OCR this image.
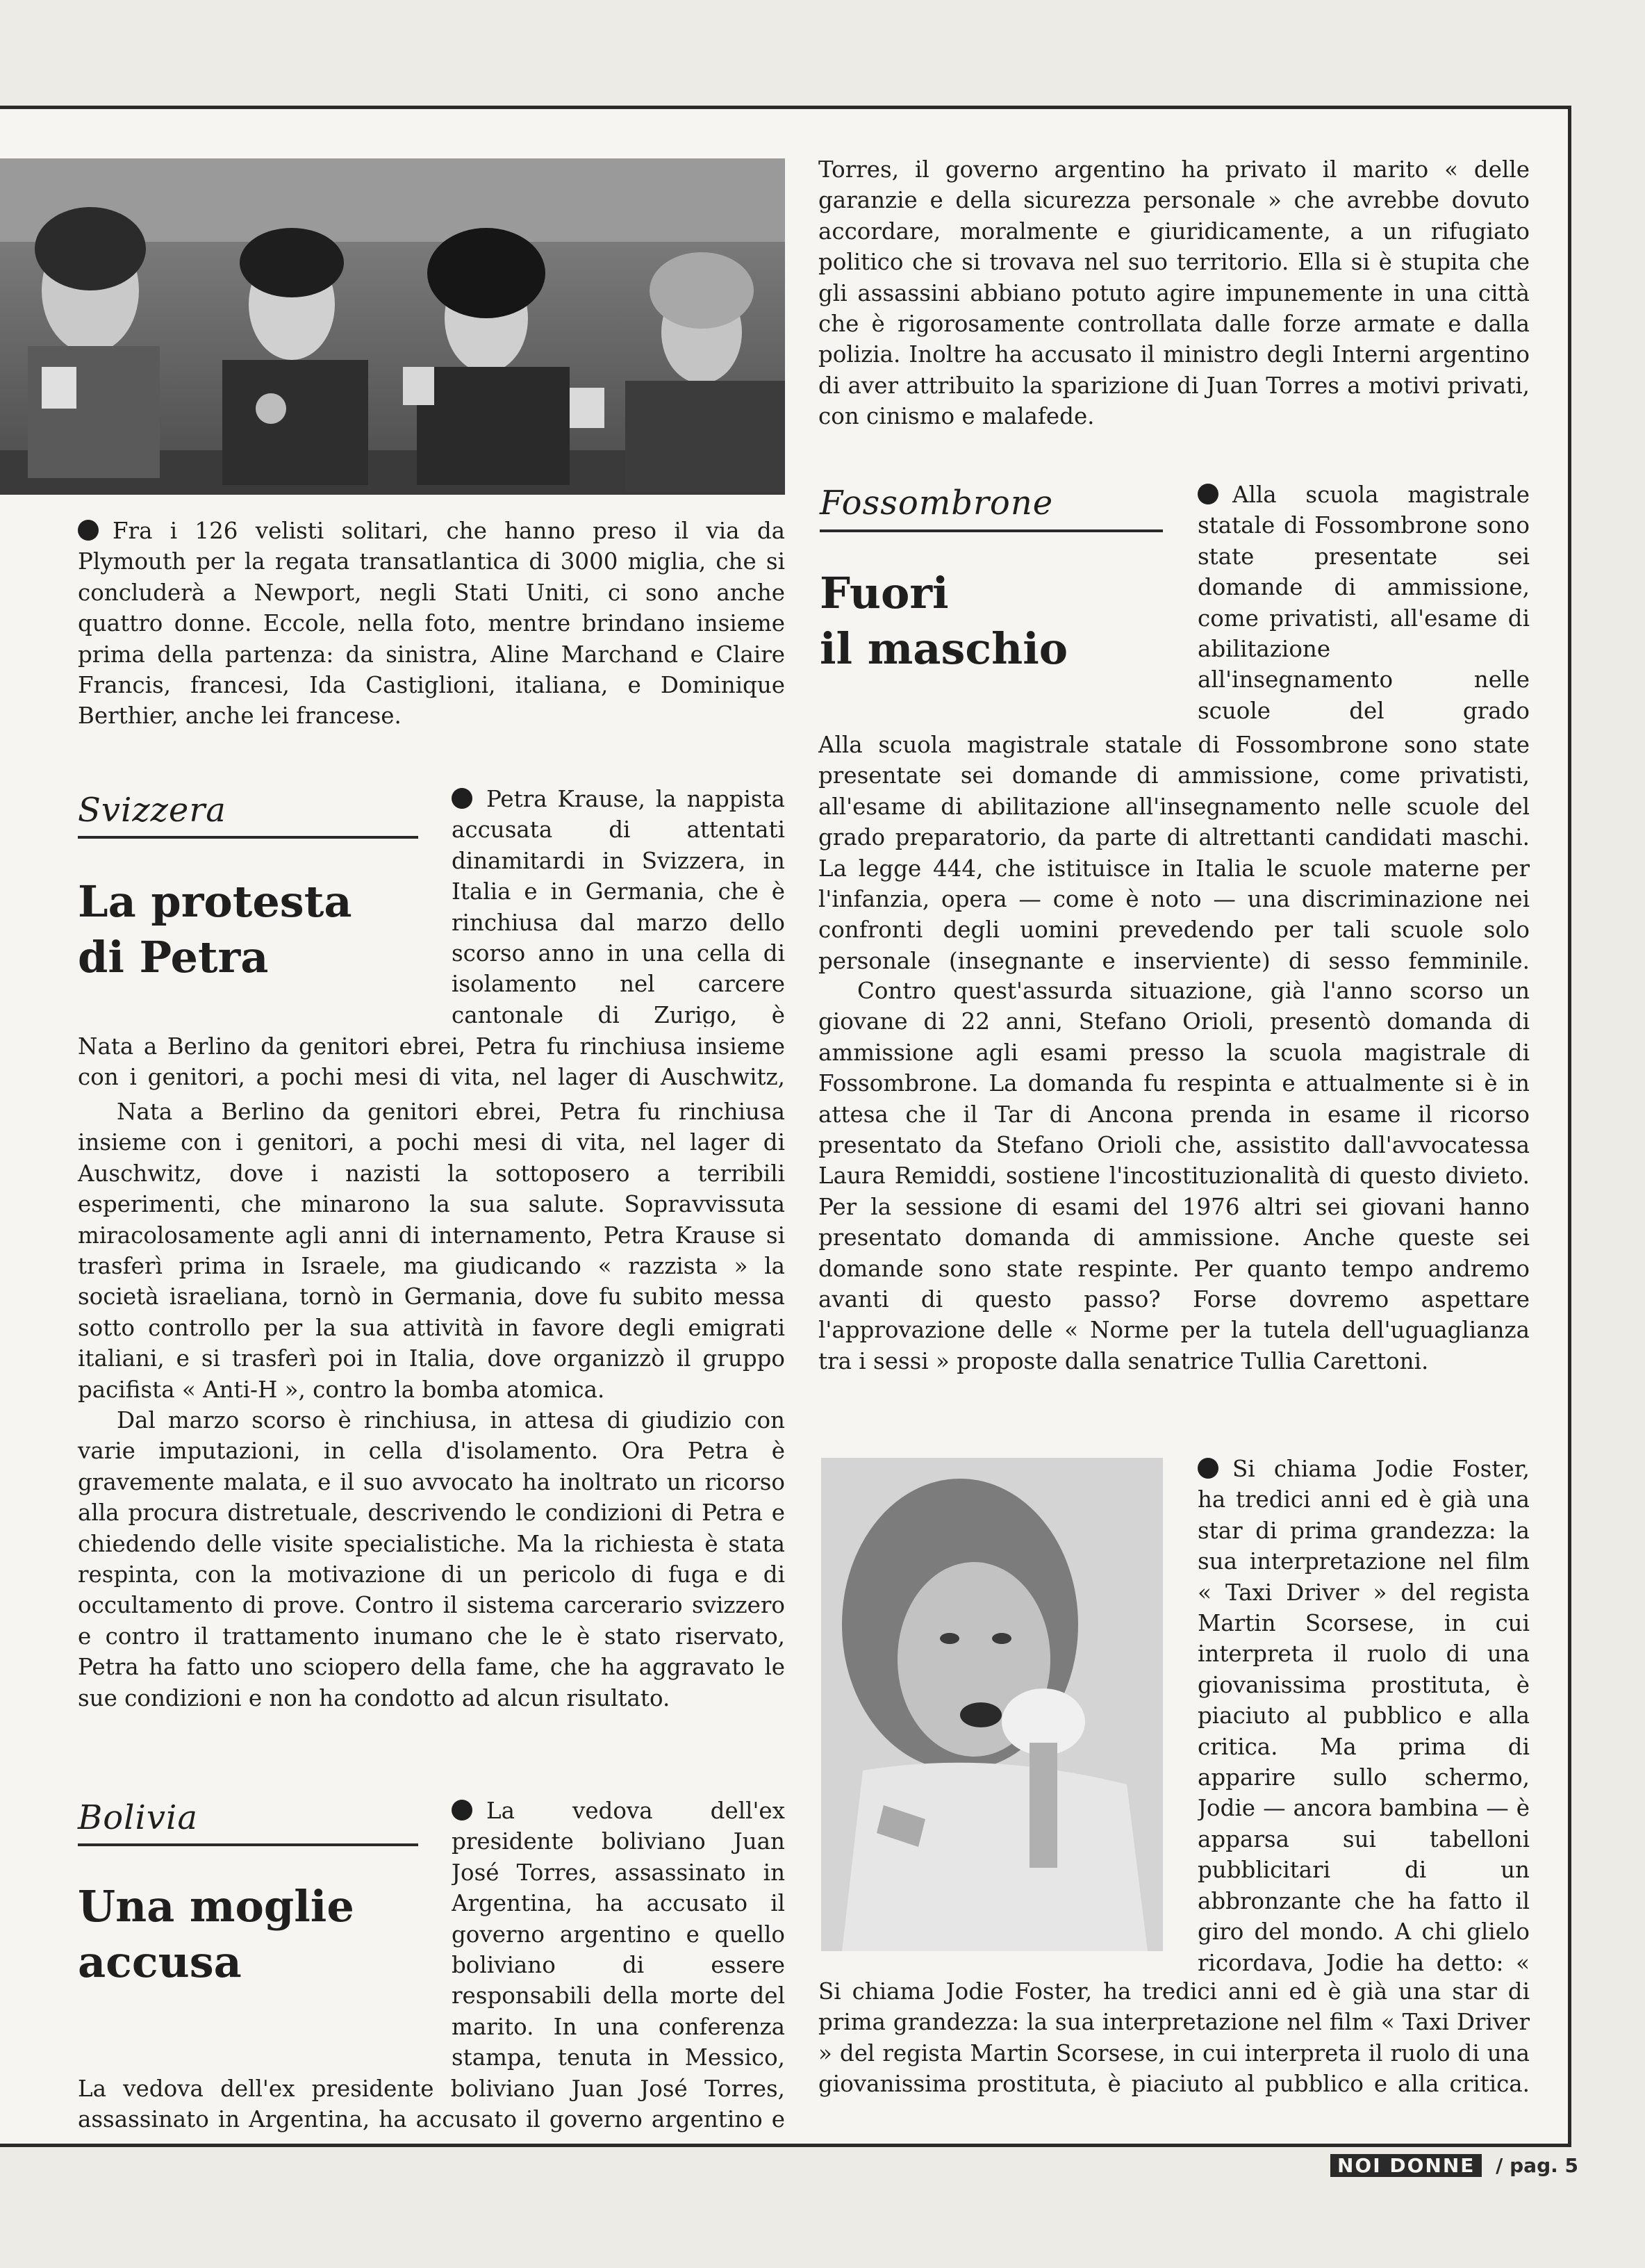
Fra i 126 velisti solitari, che hanno preso il via da Plymouth per la regata transatlantica di 3000 miglia, che si concluderà a Newport, negli Stati Uniti, ci sono anche quattro donne. Eccole, nella foto, mentre brindano insieme prima della partenza: da sinistra, Aline Marchand e Claire Francis, francesi, Ida Castiglioni, italiana, e Dominique Berthier, anche lei francese.

Svizzera
La protesta
di Petra

Petra Krause, la nappista accusata di attentati dinamitardi in Svizzera, in Italia e in Germania, che è rinchiusa dal marzo dello scorso anno in una cella di isolamento nel carcere cantonale di Zurigo, è

Nata a Berlino da genitori ebrei, Petra fu rinchiusa insieme con i genitori, a pochi mesi di vita, nel lager di Auschwitz,

Nata a Berlino da genitori ebrei, Petra fu rinchiusa insieme con i genitori, a pochi mesi di vita, nel lager di Auschwitz, dove i nazisti la sottoposero a terribili esperimenti, che minarono la sua salute. Sopravvissuta miracolosamente agli anni di internamento, Petra Krause si trasferì prima in Israele, ma giudicando « razzista » la società israeliana, tornò in Germania, dove fu subito messa sotto controllo per la sua attività in favore degli emigrati italiani, e si trasferì poi in Italia, dove organizzò il gruppo pacifista « Anti-H », contro la bomba atomica.

Dal marzo scorso è rinchiusa, in attesa di giudizio con varie imputazioni, in cella d'isolamento. Ora Petra è gravemente malata, e il suo avvocato ha inoltrato un ricorso alla procura distretuale, descrivendo le condizioni di Petra e chiedendo delle visite specialistiche. Ma la richiesta è stata respinta, con la motivazione di un pericolo di fuga e di occultamento di prove. Contro il sistema carcerario svizzero e contro il trattamento inumano che le è stato riservato, Petra ha fatto uno sciopero della fame, che ha aggravato le sue condizioni e non ha condotto ad alcun risultato.

Bolivia
Una moglie
accusa

La vedova dell'ex presidente boliviano Juan José Torres, assassinato in Argentina, ha accusato il governo argentino e quello boliviano di essere responsabili della morte del marito. In una conferenza stampa, tenuta in Messico,

La vedova dell'ex presidente boliviano Juan José Torres, assassinato in Argentina, ha accusato il governo argentino e

Torres, il governo argentino ha privato il marito « delle garanzie e della sicurezza personale » che avrebbe dovuto accordare, moralmente e giuridicamente, a un rifugiato politico che si trovava nel suo territorio. Ella si è stupita che gli assassini abbiano potuto agire impunemente in una città che è rigorosamente controllata dalle forze armate e dalla polizia. Inoltre ha accusato il ministro degli Interni argentino di aver attribuito la sparizione di Juan Torres a motivi privati, con cinismo e malafede.

Fossombrone
Fuori
il maschio

Alla scuola magistrale statale di Fossombrone sono state presentate sei domande di ammissione, come privatisti, all'esame di abilitazione all'insegnamento nelle scuole del grado

Alla scuola magistrale statale di Fossombrone sono state presentate sei domande di ammissione, come privatisti, all'esame di abilitazione all'insegnamento nelle scuole del grado preparatorio, da parte di altrettanti candidati maschi. La legge 444, che istituisce in Italia le scuole materne per l'infanzia, opera — come è noto — una discriminazione nei confronti degli uomini prevedendo per tali scuole solo personale (insegnante e inserviente) di sesso femminile.

Contro quest'assurda situazione, già l'anno scorso un giovane di 22 anni, Stefano Orioli, presentò domanda di ammissione agli esami presso la scuola magistrale di Fossombrone. La domanda fu respinta e attualmente si è in attesa che il Tar di Ancona prenda in esame il ricorso presentato da Stefano Orioli che, assistito dall'avvocatessa Laura Remiddi, sostiene l'incostituzionalità di questo divieto. Per la sessione di esami del 1976 altri sei giovani hanno presentato domanda di ammissione. Anche queste sei domande sono state respinte. Per quanto tempo andremo avanti di questo passo? Forse dovremo aspettare l'approvazione delle « Norme per la tutela dell'uguaglianza tra i sessi » proposte dalla senatrice Tullia Carettoni.

Si chiama Jodie Foster, ha tredici anni ed è già una star di prima grandezza: la sua interpretazione nel film « Taxi Driver » del regista Martin Scorsese, in cui interpreta il ruolo di una giovanissima prostituta, è piaciuto al pubblico e alla critica. Ma prima di apparire sullo schermo, Jodie — ancora bambina — è apparsa sui tabelloni pubblicitari di un abbronzante che ha fatto il giro del mondo. A chi glielo ricordava, Jodie ha detto: «

Si chiama Jodie Foster, ha tredici anni ed è già una star di prima grandezza: la sua interpretazione nel film « Taxi Driver » del regista Martin Scorsese, in cui interpreta il ruolo di una giovanissima prostituta, è piaciuto al pubblico e alla critica.

NOI DONNE / pag. 5
